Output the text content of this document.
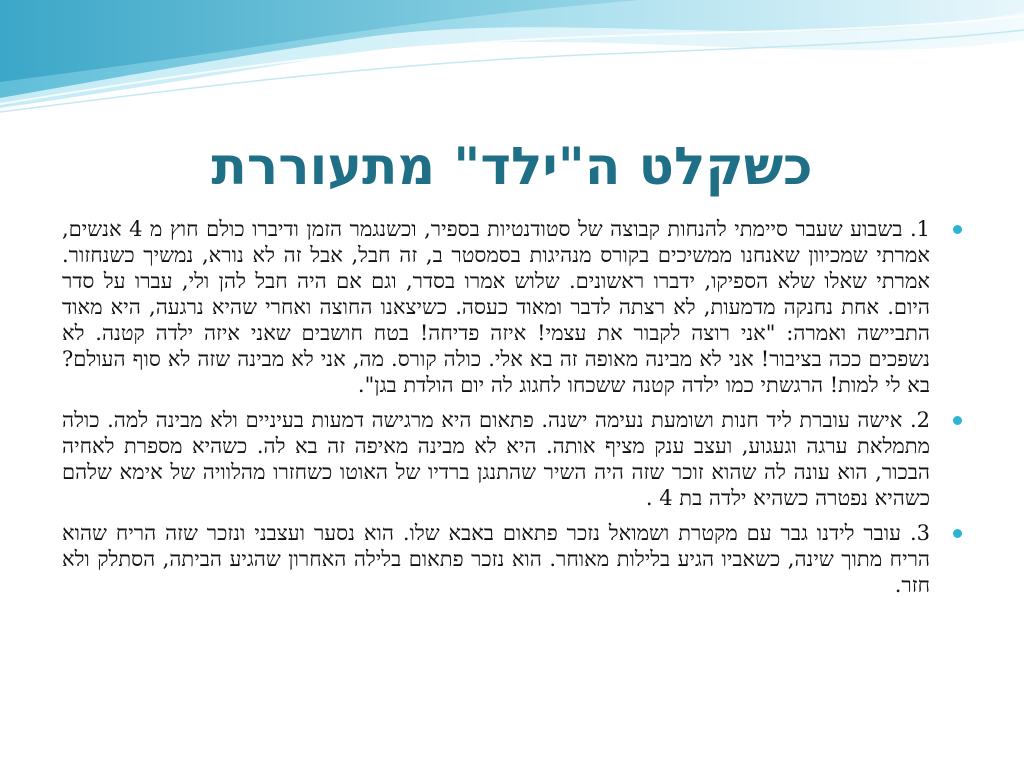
כשקלט ה"ילד" מתעוררת
1. בשבוע שעבר סיימתי להנחות קבוצה של סטודנטיות בספיר, וכשנגמר הזמן ודיברו כולם חוץ מ 4 אנשים, אמרתי שמכיוון שאנחנו ממשיכים בקורס מנהיגות בסמסטר ב, זה חבל, אבל זה לא נורא, נמשיך כשנחזור. אמרתי שאלו שלא הספיקו, ידברו ראשונים. שלוש אמרו בסדר, וגם אם היה חבל להן ולי, עברו על סדר היום. אחת נחנקה מדמעות, לא רצתה לדבר ומאוד כעסה. כשיצאנו החוצה ואחרי שהיא נרגעה, היא מאוד התביישה ואמרה: "אני רוצה לקבור את עצמי! איזה פדיחה! בטח חושבים שאני איזה ילדה קטנה. לא נשפכים ככה בציבור! אני לא מבינה מאופה זה בא אלי. כולה קורס. מה, אני לא מבינה שזה לא סוף העולם?בא לי למות! הרגשתי כמו ילדה קטנה ששכחו לחגוג לה יום הולדת בגן".
2. אישה עוברת ליד חנות ושומעת נעימה ישנה. פתאום היא מרגישה דמעות בעיניים ולא מבינה למה. כולה מתמלאת ערגה וגעגוע, ועצב ענק מציף אותה. היא לא מבינה מאיפה זה בא לה. כשהיא מספרת לאחיה הבכור, הוא עונה לה שהוא זוכר שזה היה השיר שהתנגן ברדיו של האוטו כשחזרו מהלוויה של אימא שלהם כשהיא נפטרה כשהיא ילדה בת 4 .
3. עובר לידנו גבר עם מקטרת ושמואל נזכר פתאום באבא שלו. הוא נסער ועצבני ונזכר שזה הריח שהוא הריח מתוך שינה, כשאביו הגיע בלילות מאוחר. הוא נזכר פתאום בלילה האחרון שהגיע הביתה, הסתלק ולא חזר.
